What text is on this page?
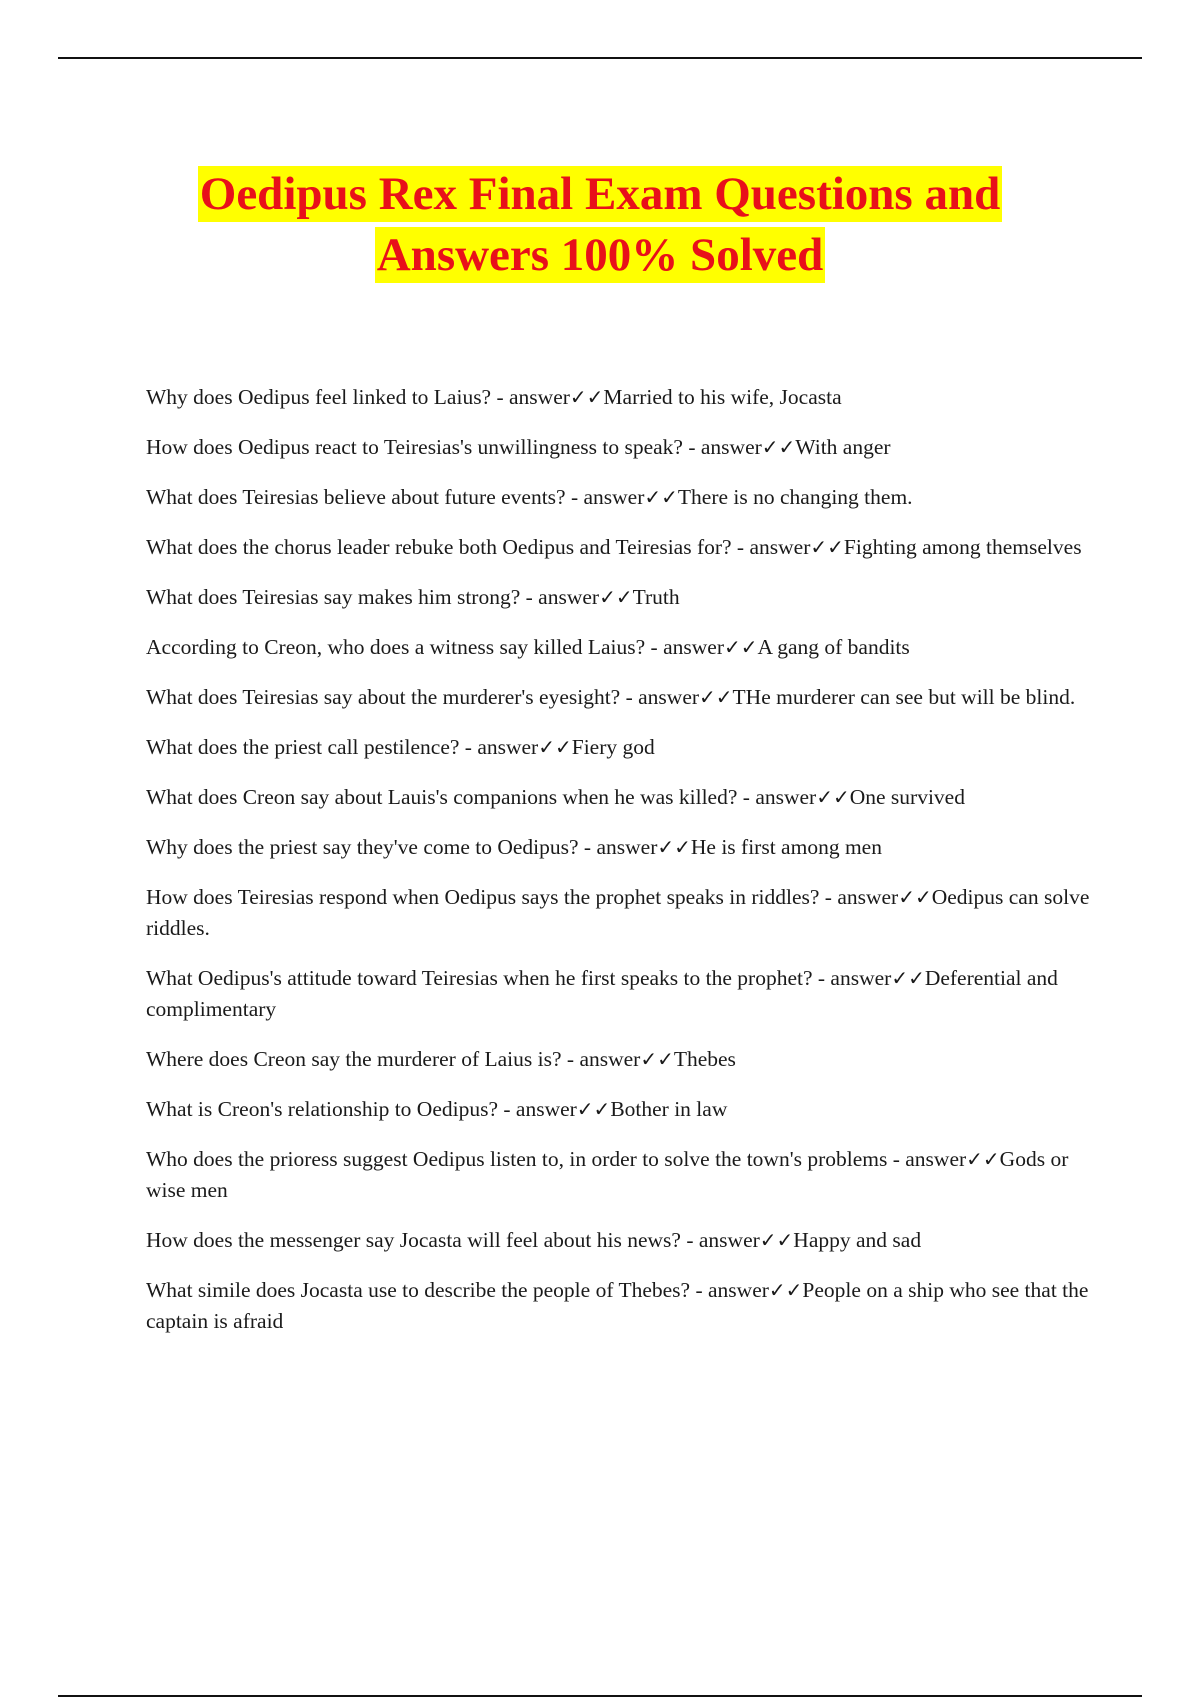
Oedipus Rex Final Exam Questions and
Answers 100% Solved
Why does Oedipus feel linked to Laius? - answer✓✓Married to his wife, Jocasta
How does Oedipus react to Teiresias's unwillingness to speak? - answer✓✓With anger
What does Teiresias believe about future events? - answer✓✓There is no changing them.
What does the chorus leader rebuke both Oedipus and Teiresias for? - answer✓✓Fighting among themselves
What does Teiresias say makes him strong? - answer✓✓Truth
According to Creon, who does a witness say killed Laius? - answer✓✓A gang of bandits
What does Teiresias say about the murderer's eyesight? - answer✓✓THe murderer can see but will be blind.
What does the priest call pestilence? - answer✓✓Fiery god
What does Creon say about Lauis's companions when he was killed? - answer✓✓One survived
Why does the priest say they've come to Oedipus? - answer✓✓He is first among men
How does Teiresias respond when Oedipus says the prophet speaks in riddles? - answer✓✓Oedipus can solve riddles.
What Oedipus's attitude toward Teiresias when he first speaks to the prophet? - answer✓✓Deferential and complimentary
Where does Creon say the murderer of Laius is? - answer✓✓Thebes
What is Creon's relationship to Oedipus? - answer✓✓Bother in law
Who does the prioress suggest Oedipus listen to, in order to solve the town's problems - answer✓✓Gods or wise men
How does the messenger say Jocasta will feel about his news? - answer✓✓Happy and sad
What simile does Jocasta use to describe the people of Thebes? - answer✓✓People on a ship who see that the captain is afraid
